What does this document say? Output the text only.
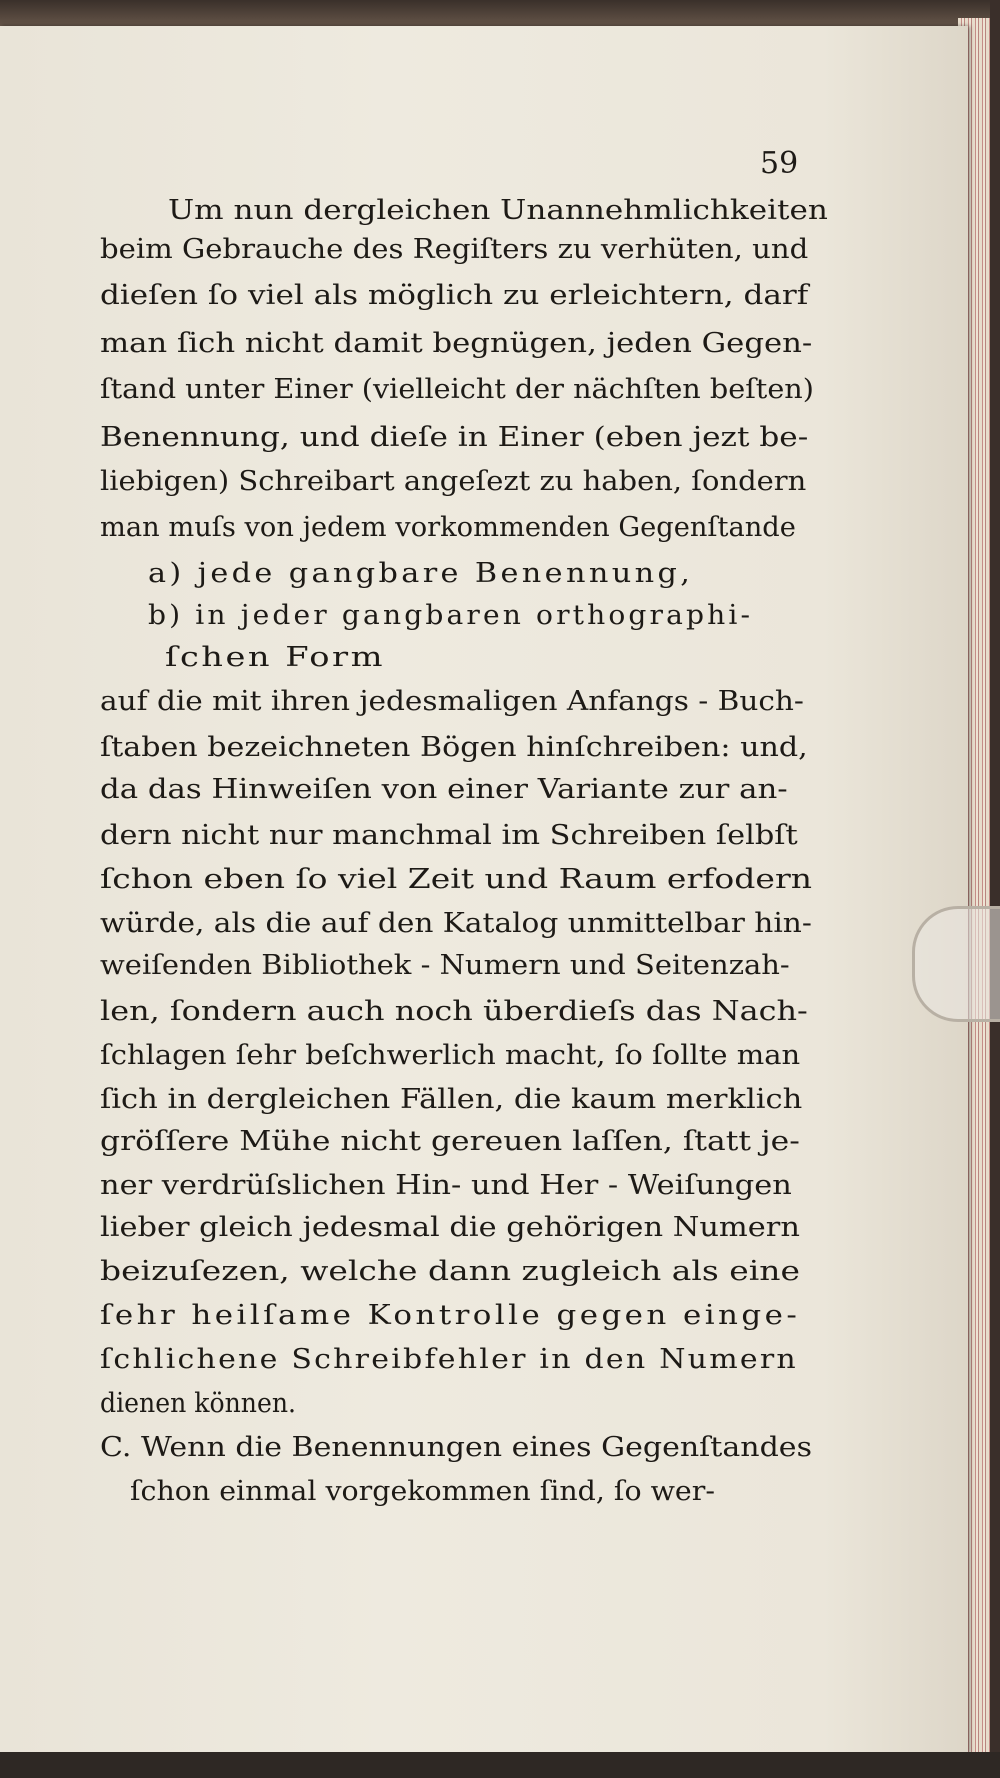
59
Um nun dergleichen Unannehmlichkeiten
beim Gebrauche des Regiſters zu verhüten, und
dieſen ſo viel als möglich zu erleichtern, darf
man ſich nicht damit begnügen, jeden Gegen-
ſtand unter Einer (vielleicht der nächſten beſten)
Benennung, und dieſe in Einer (eben jezt be-
liebigen) Schreibart angeſezt zu haben, ſondern
man muſs von jedem vorkommenden Gegenſtande
a) jede gangbare Benennung,
b) in jeder gangbaren orthographi-
ſchen Form
auf die mit ihren jedesmaligen Anfangs - Buch-
ſtaben bezeichneten Bögen hinſchreiben: und,
da das Hinweiſen von einer Variante zur an-
dern nicht nur manchmal im Schreiben ſelbſt
ſchon eben ſo viel Zeit und Raum erfodern
würde, als die auf den Katalog unmittelbar hin-
weiſenden Bibliothek - Numern und Seitenzah-
len, ſondern auch noch überdieſs das Nach-
ſchlagen ſehr beſchwerlich macht, ſo ſollte man
ſich in dergleichen Fällen, die kaum merklich
gröſſere Mühe nicht gereuen laſſen, ſtatt je-
ner verdrüſslichen Hin- und Her - Weiſungen
lieber gleich jedesmal die gehörigen Numern
beizuſezen, welche dann zugleich als eine
ſehr heilſame Kontrolle gegen einge-
ſchlichene Schreibfehler in den Numern
dienen können.
C. Wenn die Benennungen eines Gegenſtandes
ſchon einmal vorgekommen ſind, ſo wer-
